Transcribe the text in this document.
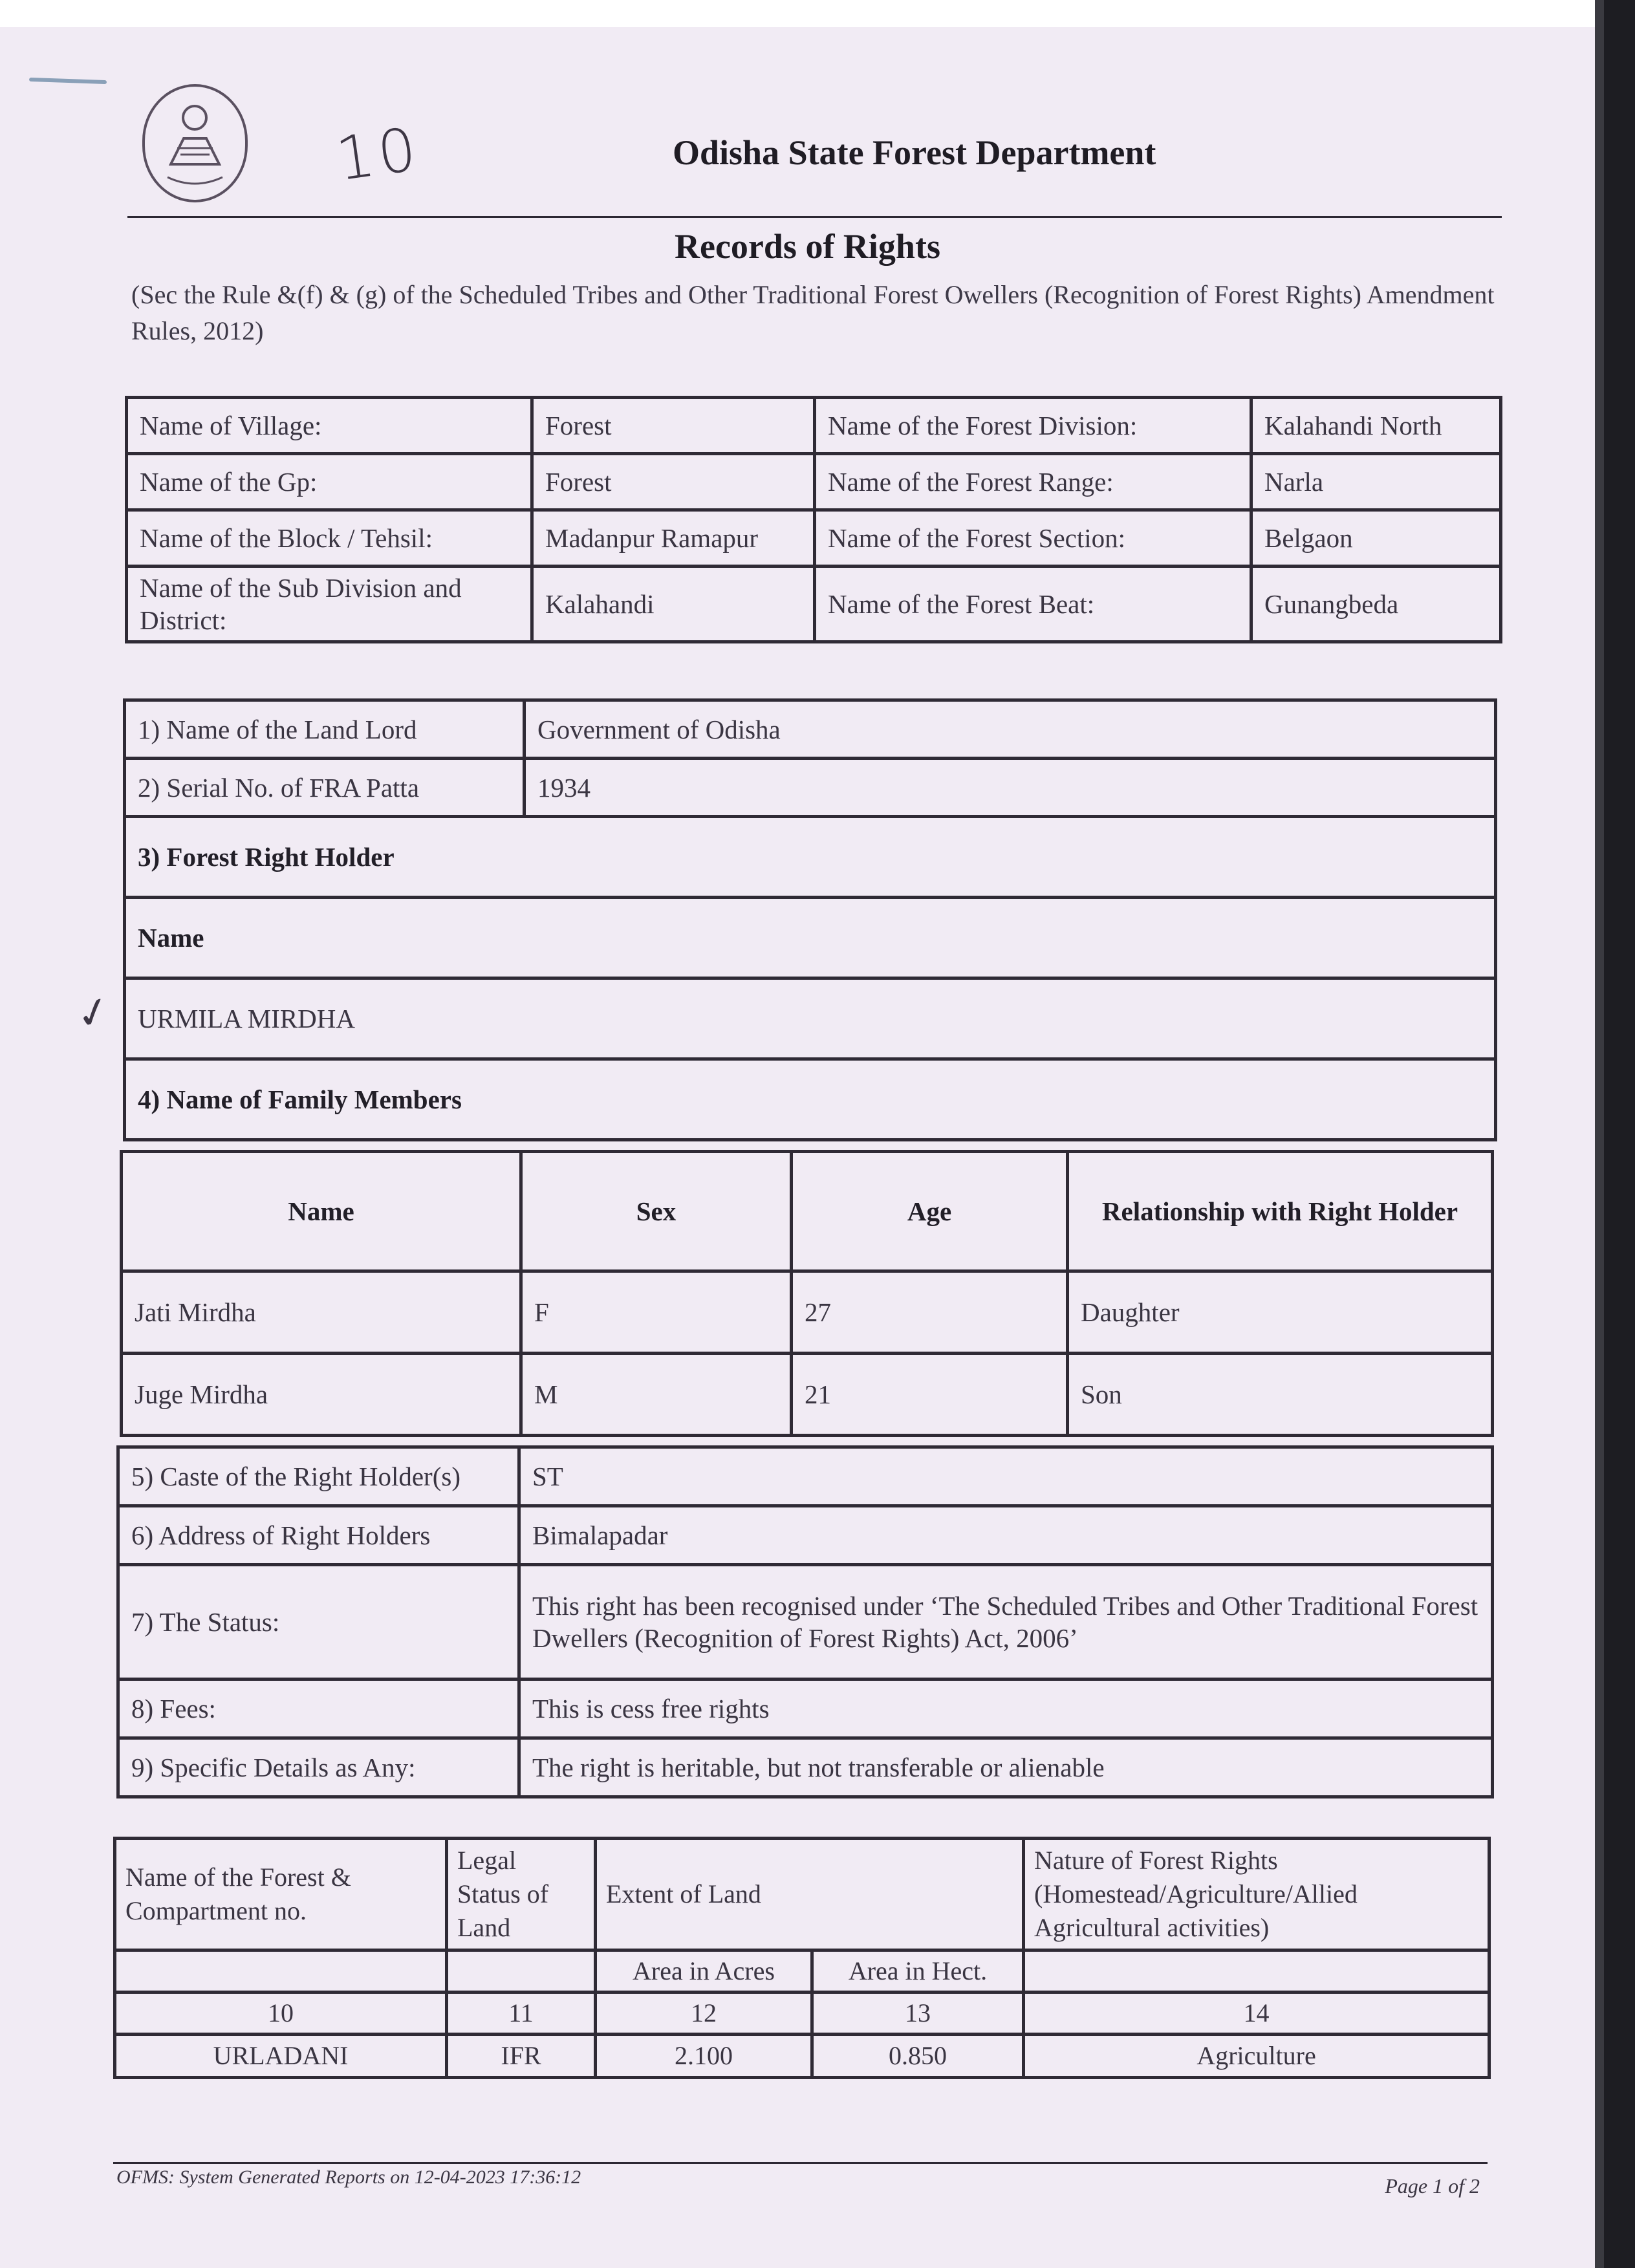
10
✓
Odisha State Forest Department
Records of Rights
(Sec the Rule &(f) & (g) of the Scheduled Tribes and Other Traditional Forest Owellers (Recognition of Forest Rights) Amendment Rules, 2012)
Name of Village:	Forest	Name of the Forest Division:	Kalahandi North
Name of the Gp:	Forest	Name of the Forest Range:	Narla
Name of the Block / Tehsil:	Madanpur Ramapur	Name of the Forest Section:	Belgaon
Name of the Sub Division and District:	Kalahandi	Name of the Forest Beat:	Gunangbeda
1) Name of the Land Lord	Government of Odisha
2) Serial No. of FRA Patta	1934
3) Forest Right Holder	
Name	
URMILA MIRDHA	
4) Name of Family Members	
Name	Sex	Age	Relationship with Right Holder
Jati Mirdha	F	27	Daughter
Juge Mirdha	M	21	Son
5) Caste of the Right Holder(s)	ST
6) Address of Right Holders	Bimalapadar
7) The Status:	This right has been recognised under ‘The Scheduled Tribes and Other Traditional Forest Dwellers (Recognition of Forest Rights) Act, 2006’
8) Fees:	This is cess free rights
9) Specific Details as Any:	The right is heritable, but not transferable or alienable
Name of the Forest & Compartment no.	Legal Status of Land	Extent of Land		Nature of Forest Rights (Homestead/Agriculture/Allied Agricultural activities)
		Area in Acres	Area in Hect.	
10	11	12	13	14
URLADANI	IFR	2.100	0.850	Agriculture
OFMS: System Generated Reports on 12-04-2023 17:36:12	Page 1 of 2
